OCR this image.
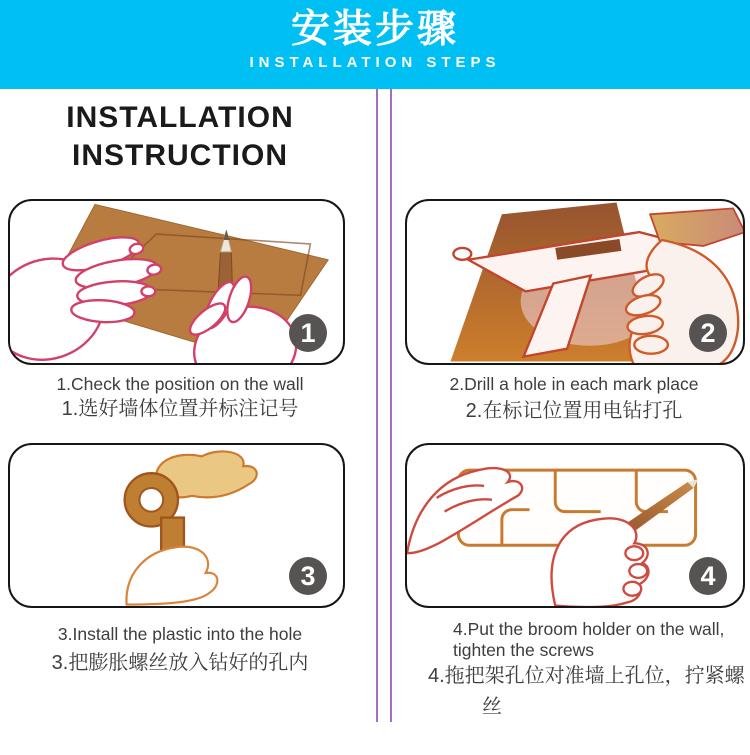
安装步骤
INSTALLATION STEPS
INSTALLATION
INSTRUCTION
1	2
3	4
1.Check the position on the wall
1.选好墙体位置并标注记号
2.Drill a hole in each mark place
2.在标记位置用电钻打孔
3.Install the plastic into the hole
3.把膨胀螺丝放入钻好的孔内
4.Put the broom holder on the wall, tighten the screws
4.拖把架孔位对准墙上孔位，拧紧螺丝
